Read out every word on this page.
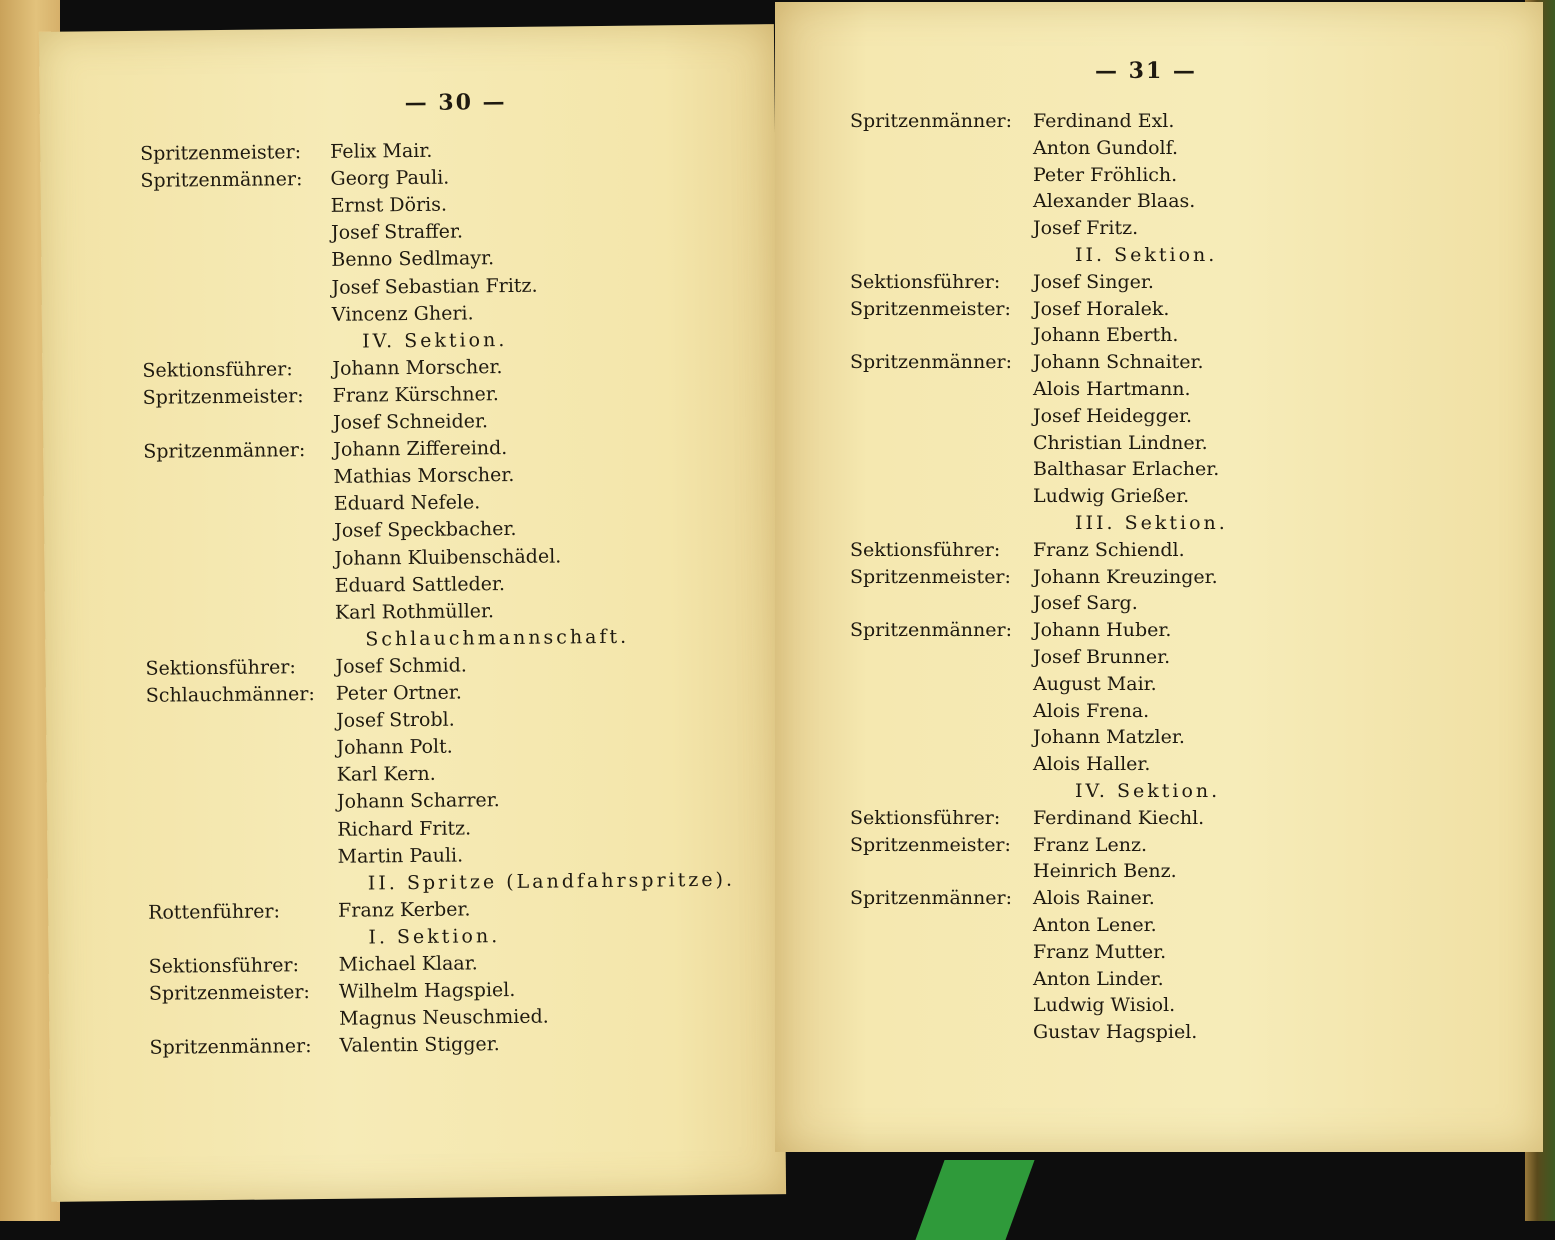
— 30 —
Spritzenmeister: Felix Mair.
Spritzenmänner: Georg Pauli.
Ernst Döris.
Josef Straffer.
Benno Sedlmayr.
Josef Sebastian Fritz.
Vincenz Gheri.
IV. Sektion.
Sektionsführer: Johann Morscher.
Spritzenmeister: Franz Kürschner.
Josef Schneider.
Spritzenmänner: Johann Ziffereind.
Mathias Morscher.
Eduard Nefele.
Josef Speckbacher.
Johann Kluibenschädel.
Eduard Sattleder.
Karl Rothmüller.
Schlauchmannschaft.
Sektionsführer: Josef Schmid.
Schlauchmänner: Peter Ortner.
Josef Strobl.
Johann Polt.
Karl Kern.
Johann Scharrer.
Richard Fritz.
Martin Pauli.
II. Spritze (Landfahrspritze).
Rottenführer:	Franz Kerber.
I. Sektion.
Sektionsführer: Michael Klaar.
Spritzenmeister: Wilhelm Hagspiel.
Magnus Neuschmied.
Spritzenmänner: Valentin Stigger.
— 31 —
Spritzenmänner: Ferdinand Exl.
Anton Gundolf.
Peter Fröhlich.
Alexander Blaas.
Josef Fritz.
II. Sektion.
Sektionsführer: Josef Singer.
Spritzenmeister: Josef Horalek.
Johann Eberth.
Spritzenmänner: Johann Schnaiter.
Alois Hartmann.
Josef Heidegger.
Christian Lindner.
Balthasar Erlacher.
Ludwig Grießer.
III. Sektion.
Sektionsführer: Franz Schiendl.
Spritzenmeister: Johann Kreuzinger.
Josef Sarg.
Spritzenmänner: Johann Huber.
Josef Brunner.
August Mair.
Alois Frena.
Johann Matzler.
Alois Haller.
IV. Sektion.
Sektionsführer: Ferdinand Kiechl.
Spritzenmeister: Franz Lenz.
Heinrich Benz.
Spritzenmänner: Alois Rainer.
Anton Lener.
Franz Mutter.
Anton Linder.
Ludwig Wisiol.
Gustav Hagspiel.
